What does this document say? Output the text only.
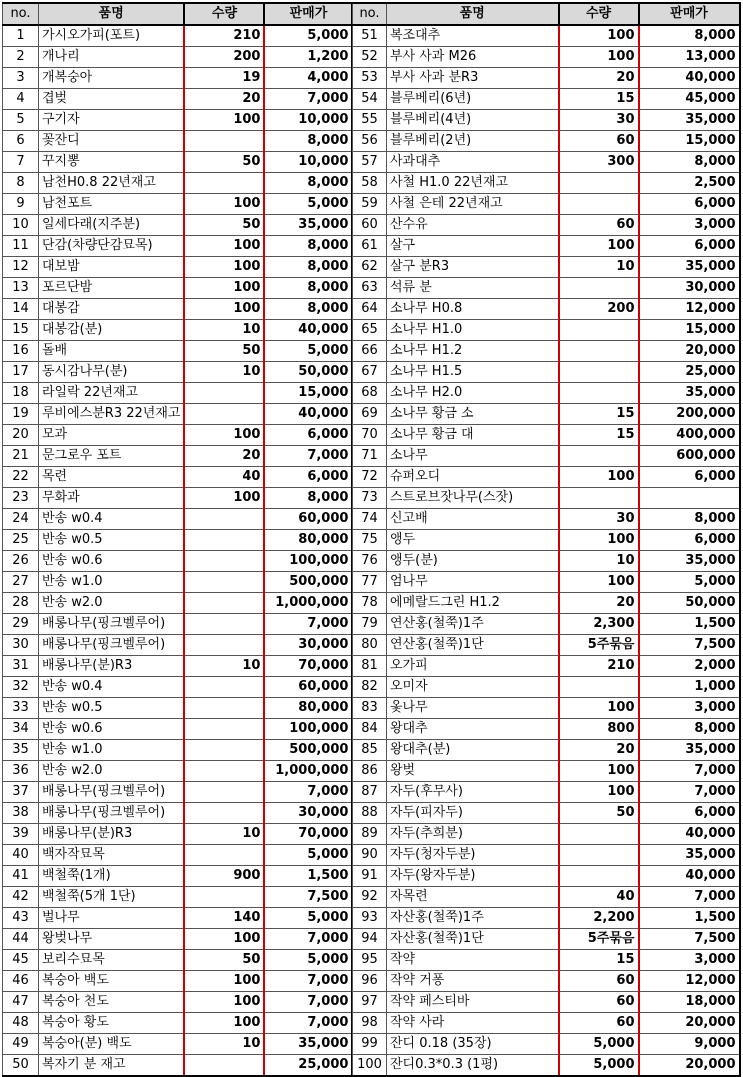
no.	품명	수량	판매가
1	가시오가피(포트)	210	5,000
2	개나리	200	1,200
3	개복숭아	19	4,000
4	겹벚	20	7,000
5	구기자	100	10,000
6	꽃잔디		8,000
7	꾸지뽕	50	10,000
8	남천H0.8 22년재고		8,000
9	남천포트	100	5,000
10	일세다래(지주분)	50	35,000
11	단감(차량단감묘목)	100	8,000
12	대보밤	100	8,000
13	포르단밤	100	8,000
14	대봉감	100	8,000
15	대봉감(분)	10	40,000
16	돌배	50	5,000
17	동시감나무(분)	10	50,000
18	라일락 22년재고		15,000
19	루비에스분R3 22년재고		40,000
20	모과	100	6,000
21	문그로우 포트	20	7,000
22	목련	40	6,000
23	무화과	100	8,000
24	반송 w0.4		60,000
25	반송 w0.5		80,000
26	반송 w0.6		100,000
27	반송 w1.0		500,000
28	반송 w2.0		1,000,000
29	배롱나무(핑크벨루어)		7,000
30	배롱나무(핑크벨루어)		30,000
31	배롱나무(분)R3	10	70,000
32	반송 w0.4		60,000
33	반송 w0.5		80,000
34	반송 w0.6		100,000
35	반송 w1.0		500,000
36	반송 w2.0		1,000,000
37	배롱나무(핑크벨루어)		7,000
38	배롱나무(핑크벨루어)		30,000
39	배롱나무(분)R3	10	70,000
40	백자작묘목		5,000
41	백철쭉(1개)	900	1,500
42	백철쭉(5개 1단)		7,500
43	벌나무	140	5,000
44	왕벚나무	100	7,000
45	보리수묘목	50	5,000
46	복숭아 백도	100	7,000
47	복숭아 천도	100	7,000
48	복숭아 황도	100	7,000
49	복숭아(분) 백도	10	35,000
50	복자기 분 재고		25,000
no.	품명	수량	판매가
51	복조대추	100	8,000
52	부사 사과 M26	100	13,000
53	부사 사과 분R3	20	40,000
54	블루베리(6년)	15	45,000
55	블루베리(4년)	30	35,000
56	블루베리(2년)	60	15,000
57	사과대추	300	8,000
58	사철 H1.0 22년재고		2,500
59	사철 은테 22년재고		6,000
60	산수유	60	3,000
61	살구	100	6,000
62	살구 분R3	10	35,000
63	석류 분		30,000
64	소나무 H0.8	200	12,000
65	소나무 H1.0		15,000
66	소나무 H1.2		20,000
67	소나무 H1.5		25,000
68	소나무 H2.0		35,000
69	소나무 황금 소	15	200,000
70	소나무 황금 대	15	400,000
71	소나무		600,000
72	슈퍼오디	100	6,000
73	스트로브잣나무(스잣)		
74	신고배	30	8,000
75	앵두	100	6,000
76	앵두(분)	10	35,000
77	엄나무	100	5,000
78	에메랄드그린 H1.2	20	50,000
79	연산홍(철쭉)1주	2,300	1,500
80	연산홍(철쭉)1단	5주묶음	7,500
81	오가피	210	2,000
82	오미자		1,000
83	옻나무	100	3,000
84	왕대추	800	8,000
85	왕대추(분)	20	35,000
86	왕벚	100	7,000
87	자두(후무사)	100	7,000
88	자두(피자두)	50	6,000
89	자두(추희분)		40,000
90	자두(청자두분)		35,000
91	자두(왕자두분)		40,000
92	자목련	40	7,000
93	자산홍(철쭉)1주	2,200	1,500
94	자산홍(철쭉)1단	5주묶음	7,500
95	작약	15	3,000
96	작약 거퐁	60	12,000
97	작약 페스티바	60	18,000
98	작약 사라	60	20,000
99	잔디 0.18 (35장)	5,000	9,000
100	잔디0.3*0.3 (1평)	5,000	20,000
